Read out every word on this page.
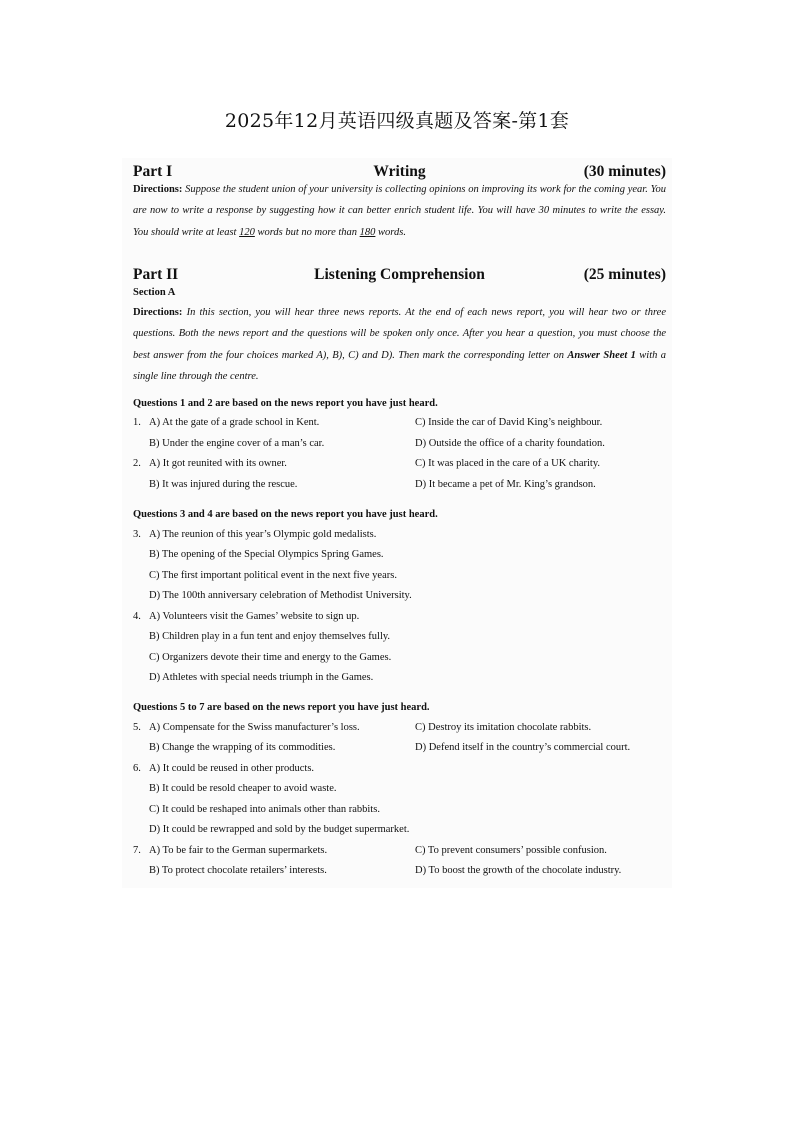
2025年12月英语四级真题及答案-第1套
Writing
Part I	(30 minutes)
Directions: Suppose the student union of your university is collecting opinions on improving its work for the coming year. You are now to write a response by suggesting how it can better enrich student life. You will have 30 minutes to write the essay. You should write at least 120 words but no more than 180 words.
Listening Comprehension
Part II	(25 minutes)
Section A
Directions: In this section, you will hear three news reports. At the end of each news report, you will hear two or three questions. Both the news report and the questions will be spoken only once. After you hear a question, you must choose the best answer from the four choices marked A), B), C) and D). Then mark the corresponding letter on Answer Sheet 1 with a single line through the centre.
Questions 1 and 2 are based on the news report you have just heard.
1. A) At the gate of a grade school in Kent.	C) Inside the car of David King’s neighbour.
B) Under the engine cover of a man’s car.	D) Outside the office of a charity foundation.
2. A) It got reunited with its owner.	C) It was placed in the care of a UK charity.
B) It was injured during the rescue.	D) It became a pet of Mr. King’s grandson.
Questions 3 and 4 are based on the news report you have just heard.
3. A) The reunion of this year’s Olympic gold medalists.
B) The opening of the Special Olympics Spring Games.
C) The first important political event in the next five years.
D) The 100th anniversary celebration of Methodist University.
4. A) Volunteers visit the Games’ website to sign up.
B) Children play in a fun tent and enjoy themselves fully.
C) Organizers devote their time and energy to the Games.
D) Athletes with special needs triumph in the Games.
Questions 5 to 7 are based on the news report you have just heard.
5. A) Compensate for the Swiss manufacturer’s loss.	C) Destroy its imitation chocolate rabbits.
B) Change the wrapping of its commodities.	D) Defend itself in the country’s commercial court.
6. A) It could be reused in other products.
B) It could be resold cheaper to avoid waste.
C) It could be reshaped into animals other than rabbits.
D) It could be rewrapped and sold by the budget supermarket.
7. A) To be fair to the German supermarkets.	C) To prevent consumers’ possible confusion.
B) To protect chocolate retailers’ interests.	D) To boost the growth of the chocolate industry.
